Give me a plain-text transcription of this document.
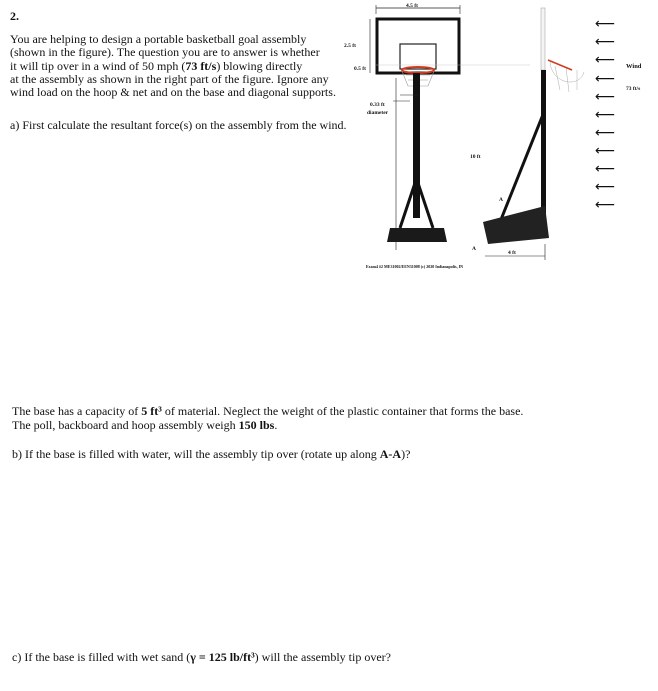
2.
You are helping to design a portable basketball goal assembly
(shown in the figure). The question you are to answer is whether
it will tip over in a wind of 50 mph (73 ft/s) blowing directly
at the assembly as shown in the right part of the figure. Ignore any
wind load on the hoop & net and on the base and diagonal supports.
a) First calculate the resultant force(s) on the assembly from the wind.
The base has a capacity of 5 ft³ of material. Neglect the weight of the plastic container that forms the base.
The poll, backboard and hoop assembly weigh 150 lbs.
b) If the base is filled with water, will the assembly tip over (rotate up along A-A)?
c) If the base is filled with wet sand (γ = 125 lb/ft³) will the assembly tip over?
4.5 ft
2.5 ft
0.5 ft
0.33 ft
diameter
10 ft
A
A
4 ft
Exam4 #2 ME31002/EEN31008 (c) 2020 Indianapolis, IN
⟵
⟵
⟵
⟵
⟵
⟵
⟵
⟵
⟵
⟵
⟵
Wind
73 ft/s
